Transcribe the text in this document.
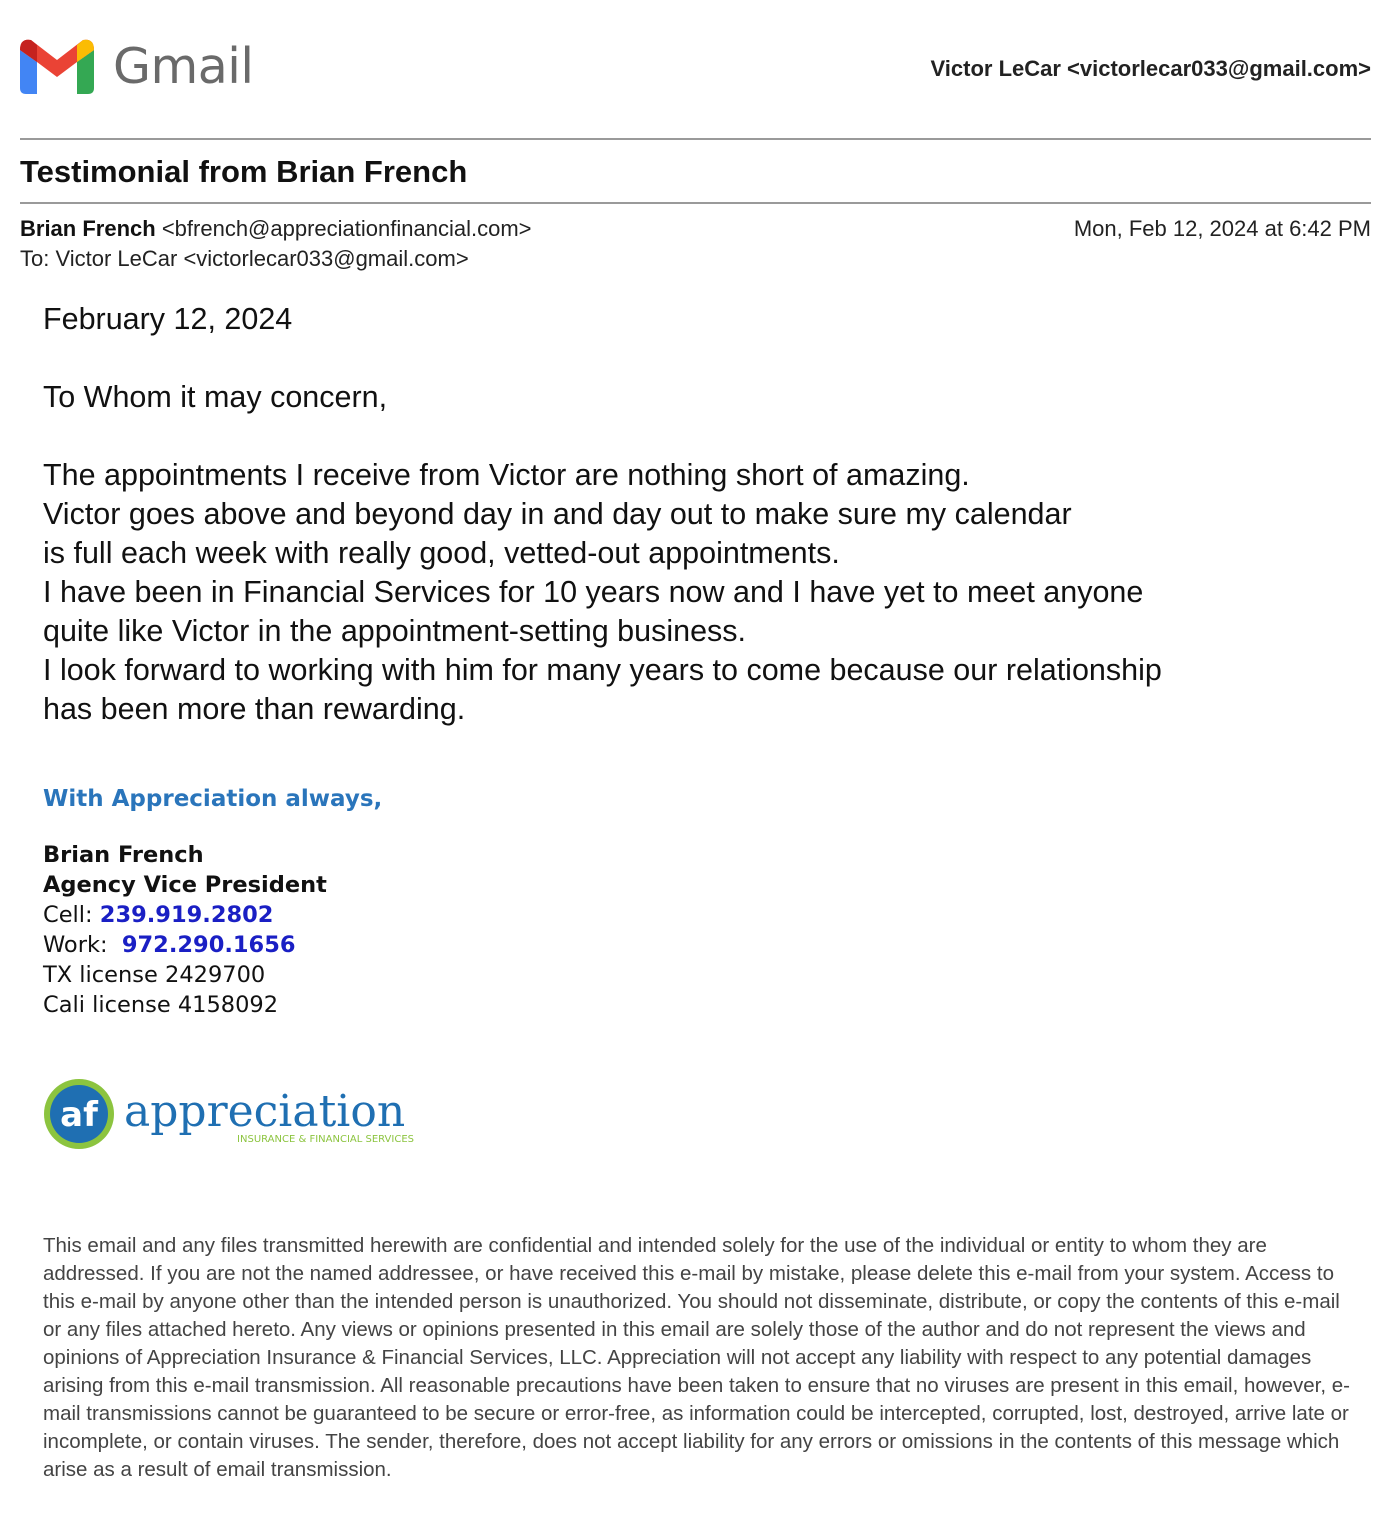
Gmail	Victor LeCar <victorlecar033@gmail.com>
Testimonial from Brian French
Brian French <bfrench@appreciationfinancial.com>
To: Victor LeCar <victorlecar033@gmail.com>
Mon, Feb 12, 2024 at 6:42 PM

February 12, 2024

To Whom it may concern,

The appointments I receive from Victor are nothing short of amazing.

Victor goes above and beyond day in and day out to make sure my calendar

is full each week with really good, vetted-out appointments.

I have been in Financial Services for 10 years now and I have yet to meet anyone

quite like Victor in the appointment-setting business.

I look forward to working with him for many years to come because our relationship

has been more than rewarding.

With Appreciation always,
Brian French
Agency Vice President
Cell: 239.919.2802
Work:  972.290.1656
TX license 2429700
Cali license 4158092
af appreciation
INSURANCE & FINANCIAL SERVICES
This email and any files transmitted herewith are confidential and intended solely for the use of the individual or entity to whom they are addressed. If you are not the named addressee, or have received this e-mail by mistake, please delete this e-mail from your system. Access to this e-mail by anyone other than the intended person is unauthorized. You should not disseminate, distribute, or copy the contents of this e-mail or any files attached hereto. Any views or opinions presented in this email are solely those of the author and do not represent the views and opinions of Appreciation Insurance & Financial Services, LLC. Appreciation will not accept any liability with respect to any potential damages arising from this e-mail transmission. All reasonable precautions have been taken to ensure that no viruses are present in this email, however, e-mail transmissions cannot be guaranteed to be secure or error-free, as information could be intercepted, corrupted, lost, destroyed, arrive late or incomplete, or contain viruses. The sender, therefore, does not accept liability for any errors or omissions in the contents of this message which arise as a result of email transmission.
